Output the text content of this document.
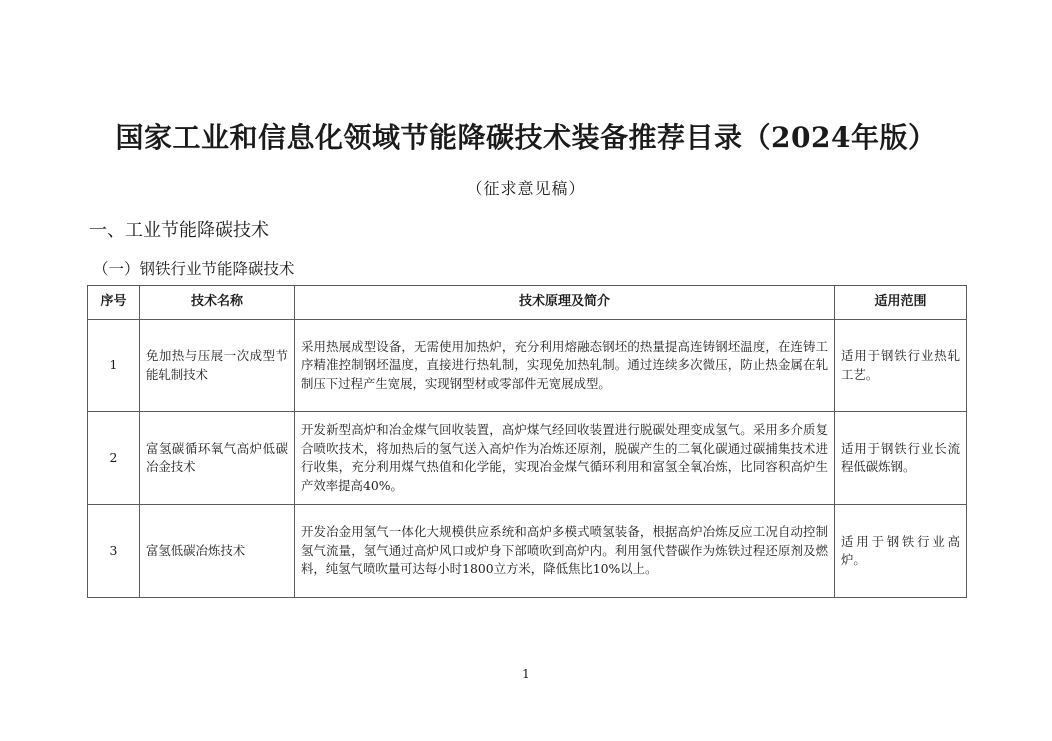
国家工业和信息化领域节能降碳技术装备推荐目录（2024年版）
（征求意见稿）
一、工业节能降碳技术
（一）钢铁行业节能降碳技术
序号	技术名称	技术原理及简介	适用范围
1	免加热与压展一次成型节能轧制技术	采用热展成型设备，无需使用加热炉，充分利用熔融态钢坯的热量提高连铸钢坯温度，在连铸工序精准控制钢坯温度，直接进行热轧制，实现免加热轧制。通过连续多次微压，防止热金属在轧制压下过程产生宽展，实现钢型材或零部件无宽展成型。	适用于钢铁行业热轧工艺。
2	富氢碳循环氧气高炉低碳冶金技术	开发新型高炉和冶金煤气回收装置，高炉煤气经回收装置进行脱碳处理变成氢气。采用多介质复合喷吹技术，将加热后的氢气送入高炉作为冶炼还原剂，脱碳产生的二氧化碳通过碳捕集技术进行收集，充分利用煤气热值和化学能，实现冶金煤气循环利用和富氢全氧冶炼，比同容积高炉生产效率提高40%。	适用于钢铁行业长流程低碳炼钢。
3	富氢低碳冶炼技术	开发冶金用氢气一体化大规模供应系统和高炉多模式喷氢装备，根据高炉冶炼反应工况自动控制氢气流量，氢气通过高炉风口或炉身下部喷吹到高炉内。利用氢代替碳作为炼铁过程还原剂及燃料，纯氢气喷吹量可达每小时1800立方米，降低焦比10%以上。	适用于钢铁行业高炉。
1
